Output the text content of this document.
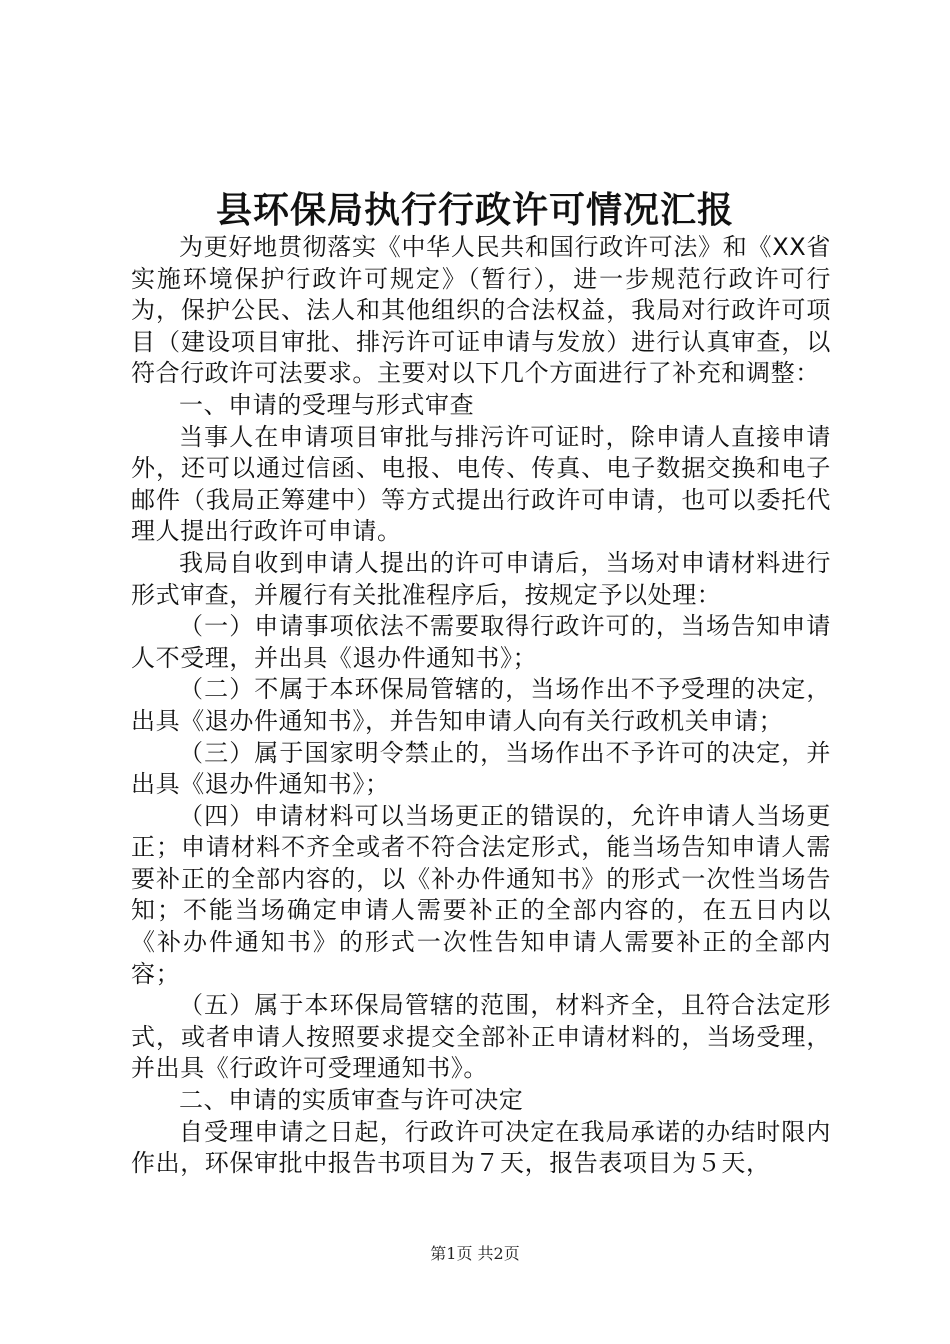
县环保局执行行政许可情况汇报

为更好地贯彻落实《中华人民共和国行政许可法》和《XX省实施环境保护行政许可规定》（暂行），进一步规范行政许可行为，保护公民、法人和其他组织的合法权益，我局对行政许可项目（建设项目审批、排污许可证申请与发放）进行认真审查，以符合行政许可法要求。主要对以下几个方面进行了补充和调整：

一、申请的受理与形式审查

当事人在申请项目审批与排污许可证时，除申请人直接申请外，还可以通过信函、电报、电传、传真、电子数据交换和电子邮件（我局正筹建中）等方式提出行政许可申请，也可以委托代理人提出行政许可申请。

我局自收到申请人提出的许可申请后，当场对申请材料进行形式审查，并履行有关批准程序后，按规定予以处理：

（一）申请事项依法不需要取得行政许可的，当场告知申请人不受理，并出具《退办件通知书》；

（二）不属于本环保局管辖的，当场作出不予受理的决定，出具《退办件通知书》，并告知申请人向有关行政机关申请；

（三）属于国家明令禁止的，当场作出不予许可的决定，并出具《退办件通知书》；

（四）申请材料可以当场更正的错误的，允许申请人当场更正；申请材料不齐全或者不符合法定形式，能当场告知申请人需要补正的全部内容的，以《补办件通知书》的形式一次性当场告知；不能当场确定申请人需要补正的全部内容的，在五日内以《补办件通知书》的形式一次性告知申请人需要补正的全部内容；

（五）属于本环保局管辖的范围，材料齐全，且符合法定形式，或者申请人按照要求提交全部补正申请材料的，当场受理，并出具《行政许可受理通知书》。

二、申请的实质审查与许可决定

自受理申请之日起，行政许可决定在我局承诺的办结时限内作出，环保审批中报告书项目为７天，报告表项目为５天，

第1页 共2页
